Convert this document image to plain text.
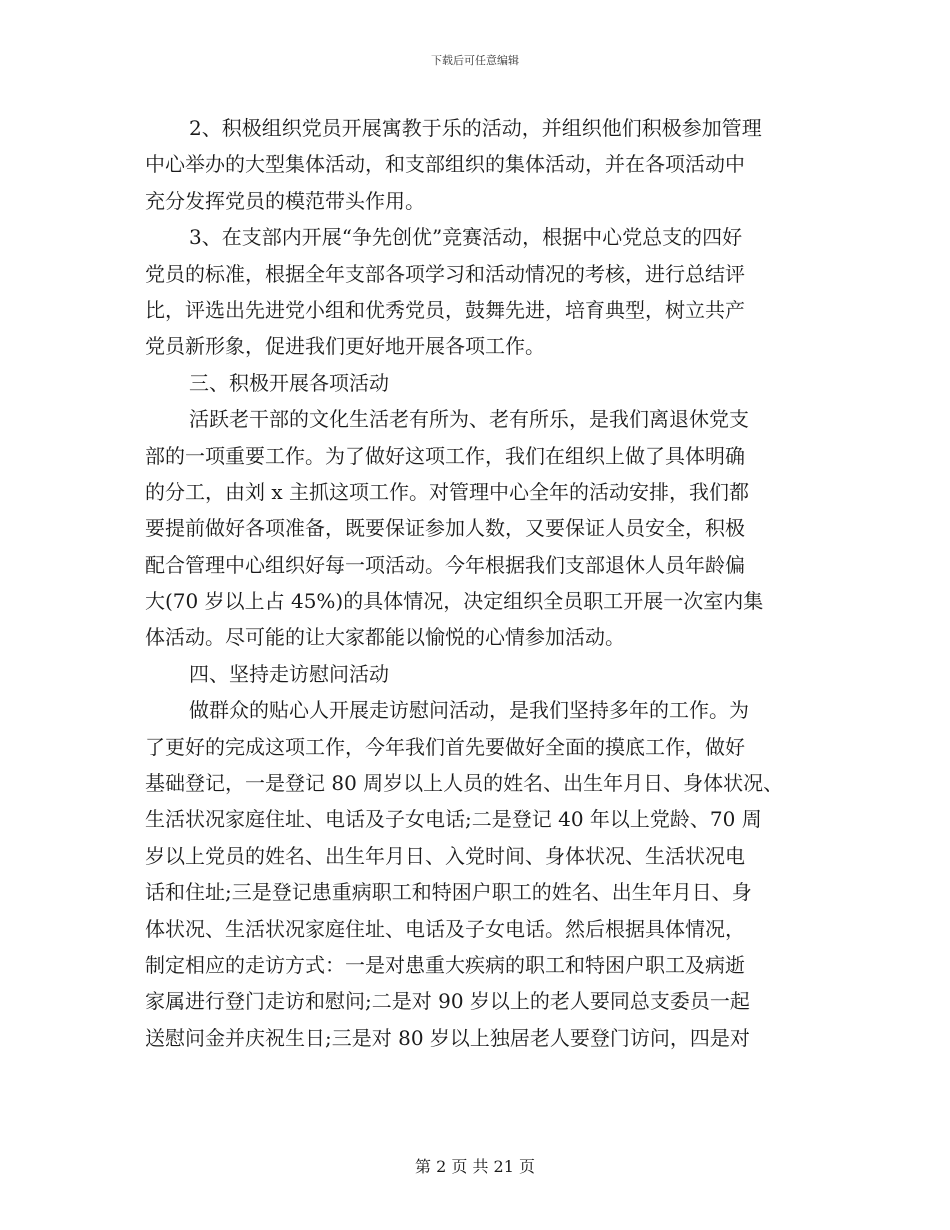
下载后可任意编辑
2、积极组织党员开展寓教于乐的活动，并组织他们积极参加管理
中心举办的大型集体活动，和支部组织的集体活动，并在各项活动中
充分发挥党员的模范带头作用。
3、在支部内开展“争先创优”竞赛活动，根据中心党总支的四好
党员的标准，根据全年支部各项学习和活动情况的考核，进行总结评
比，评选出先进党小组和优秀党员，鼓舞先进，培育典型，树立共产
党员新形象，促进我们更好地开展各项工作。
三、积极开展各项活动
活跃老干部的文化生活老有所为、老有所乐，是我们离退休党支
部的一项重要工作。为了做好这项工作，我们在组织上做了具体明确
的分工，由刘 x 主抓这项工作。对管理中心全年的活动安排，我们都
要提前做好各项准备，既要保证参加人数，又要保证人员安全，积极
配合管理中心组织好每一项活动。今年根据我们支部退休人员年龄偏
大(70 岁以上占 45%)的具体情况，决定组织全员职工开展一次室内集
体活动。尽可能的让大家都能以愉悦的心情参加活动。
四、坚持走访慰问活动
做群众的贴心人开展走访慰问活动，是我们坚持多年的工作。为
了更好的完成这项工作，今年我们首先要做好全面的摸底工作，做好
基础登记，一是登记 80 周岁以上人员的姓名、出生年月日、身体状况、
生活状况家庭住址、电话及子女电话;二是登记 40 年以上党龄、70 周
岁以上党员的姓名、出生年月日、入党时间、身体状况、生活状况电
话和住址;三是登记患重病职工和特困户职工的姓名、出生年月日、身
体状况、生活状况家庭住址、电话及子女电话。然后根据具体情况，
制定相应的走访方式：一是对患重大疾病的职工和特困户职工及病逝
家属进行登门走访和慰问;二是对 90 岁以上的老人要同总支委员一起
送慰问金并庆祝生日;三是对 80 岁以上独居老人要登门访问，四是对
第 2 页 共 21 页
